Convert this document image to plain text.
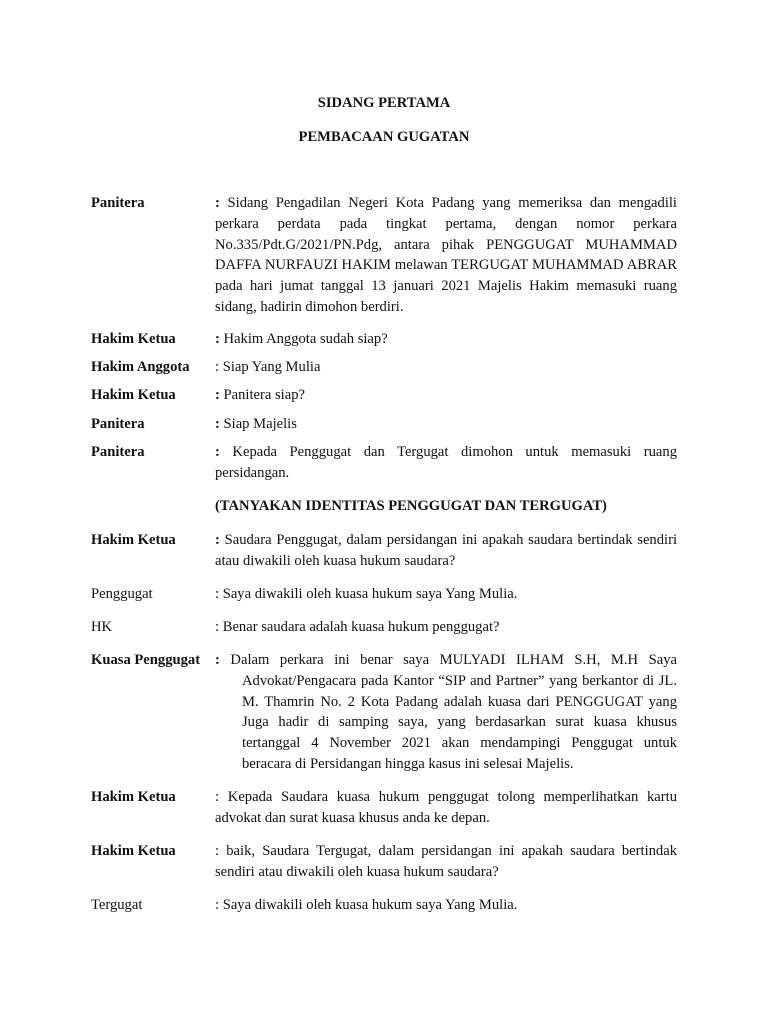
SIDANG PERTAMA
PEMBACAAN GUGATAN
Panitera	: Sidang Pengadilan Negeri Kota Padang yang memeriksa dan mengadili perkara perdata pada tingkat pertama, dengan nomor perkara No.335/Pdt.G/2021/PN.Pdg, antara pihak PENGGUGAT MUHAMMAD DAFFA NURFAUZI HAKIM melawan TERGUGAT MUHAMMAD ABRAR pada hari jumat tanggal 13 januari 2021 Majelis Hakim memasuki ruang sidang, hadirin dimohon berdiri.
Hakim Ketua	: Hakim Anggota sudah siap?
Hakim Anggota : Siap Yang Mulia
Hakim Ketua	: Panitera siap?
Panitera	: Siap Majelis
Panitera	: Kepada Penggugat dan Tergugat dimohon untuk memasuki ruang persidangan.
(TANYAKAN IDENTITAS PENGGUGAT DAN TERGUGAT)
Hakim Ketua	: Saudara Penggugat, dalam persidangan ini apakah saudara bertindak sendiri atau diwakili oleh kuasa hukum saudara?
Penggugat	: Saya diwakili oleh kuasa hukum saya Yang Mulia.
HK	: Benar saudara adalah kuasa hukum penggugat?
Kuasa Penggugat : Dalam perkara ini benar saya MULYADI ILHAM S.H, M.H Saya Advokat/Pengacara pada Kantor “SIP and Partner” yang berkantor di JL. M. Thamrin No. 2 Kota Padang adalah kuasa dari PENGGUGAT yang Juga hadir di samping saya, yang berdasarkan surat kuasa khusus tertanggal 4 November 2021 akan mendampingi Penggugat untuk beracara di Persidangan hingga kasus ini selesai Majelis.
Hakim Ketua	: Kepada Saudara kuasa hukum penggugat tolong memperlihatkan kartu advokat dan surat kuasa khusus anda ke depan.
Hakim Ketua	: baik, Saudara Tergugat, dalam persidangan ini apakah saudara bertindak sendiri atau diwakili oleh kuasa hukum saudara?
Tergugat	: Saya diwakili oleh kuasa hukum saya Yang Mulia.
